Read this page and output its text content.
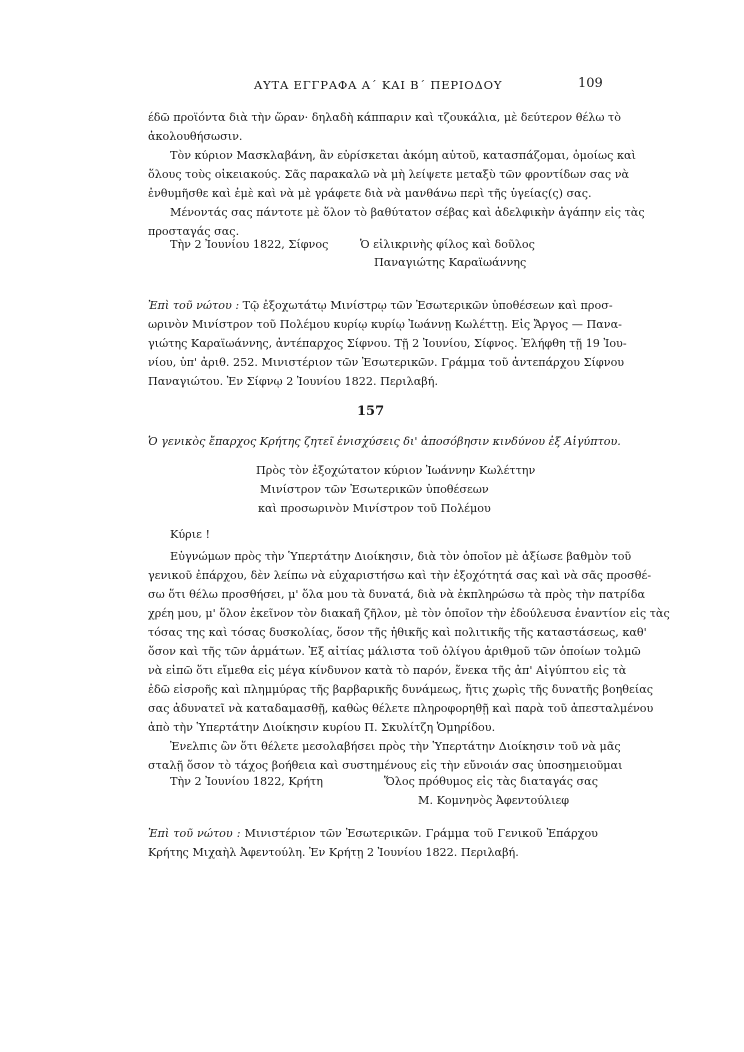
ΑΥΤΑ ΕΓΓΡΑΦΑ Α΄ ΚΑΙ Β΄ ΠΕΡΙΟΔΟΥ	109
έδῶ προϊόντα διὰ τὴν ὥραν· δηλαδὴ κάππαριν καὶ τζουκάλια, μὲ δεύτερον θέλω τὸ
ἀκολουθήσωσιν.
Τὸν κύριον Μασκλαβάνη, ἂν εὑρίσκεται ἀκόμη αὐτοῦ, κατασπάζομαι, ὁμοίως καὶ
ὅλους τοὺς οἰκειακούς. Σᾶς παρακαλῶ νὰ μὴ λείψετε μεταξὺ τῶν φροντίδων σας νὰ
ἐνθυμῆσθε καὶ ἐμὲ καὶ νὰ μὲ γράφετε διὰ νὰ μανθάνω περὶ τῆς ὑγείας(ς) σας.
Μένοντάς σας πάντοτε μὲ ὅλον τὸ βαθύτατον σέβας καὶ ἀδελφικὴν ἀγάπην εἰς τὰς
προσταγάς σας.
Τὴν 2 Ἰουνίου 1822, Σίφνος	Ὁ εἰλικρινὴς φίλος καὶ δοῦλος
Παναγιώτης Καραϊωάννης
Ἐπὶ τοῦ νώτου : Τῷ ἐξοχωτάτῳ Μινίστρῳ τῶν Ἐσωτερικῶν ὑποθέσεων καὶ προσ-
ωρινὸν Μινίστρον τοῦ Πολέμου κυρίῳ κυρίῳ Ἰωάννῃ Κωλέττῃ. Εἰς Ἄργος — Πανα-
γιώτης Καραϊωάννης, ἀντέπαρχος Σίφνου. Τῇ 2 Ἰουνίου, Σίφνος. Ἐλήφθη τῇ 19 Ἰου-
νίου, ὑπ' ἀριθ. 252. Μινιστέριον τῶν Ἐσωτερικῶν. Γράμμα τοῦ ἀντεπάρχου Σίφνου
Παναγιώτου. Ἐν Σίφνῳ 2 Ἰουνίου 1822. Περιλαβή.
157
Ὁ γενικὸς ἔπαρχος Κρήτης ζητεῖ ἐνισχύσεις δι' ἀποσόβησιν κινδύνου ἐξ Αἰγύπτου.
Πρὸς τὸν ἐξοχώτατον κύριον Ἰωάννην Κωλέττην
Μινίστρον τῶν Ἐσωτερικῶν ὑποθέσεων
καὶ προσωρινὸν Μινίστρον τοῦ Πολέμου
Κύριε !
Εὐγνώμων πρὸς τὴν Ὑπερτάτην Διοίκησιν, διὰ τὸν ὁποῖον μὲ ἀξίωσε βαθμὸν τοῦ
γενικοῦ ἐπάρχου, δὲν λείπω νὰ εὐχαριστήσω καὶ τὴν ἐξοχότητά σας καὶ νὰ σᾶς προσθέ-
σω ὅτι θέλω προσθήσει, μ' ὅλα μου τὰ δυνατά, διὰ νὰ ἐκπληρώσω τὰ πρὸς τὴν πατρίδα
χρέη μου, μ' ὅλον ἐκεῖνον τὸν διακαῆ ζῆλον, μὲ τὸν ὁποῖον τὴν ἐδούλευσα ἐναντίον εἰς τὰς
τόσας της καὶ τόσας δυσκολίας, ὅσον τῆς ἠθικῆς καὶ πολιτικῆς τῆς καταστάσεως, καθ'
ὅσον καὶ τῆς τῶν ἁρμάτων. Ἐξ αἰτίας μάλιστα τοῦ ὀλίγου ἀριθμοῦ τῶν ὁποίων τολμῶ
νὰ εἰπῶ ὅτι εἴμεθα εἰς μέγα κίνδυνον κατὰ τὸ παρόν, ἕνεκα τῆς ἀπ' Αἰγύπτου εἰς τὰ
ἐδῶ εἰσροῆς καὶ πλημμύρας τῆς βαρβαρικῆς δυνάμεως, ἥτις χωρὶς τῆς δυνατῆς βοηθείας
σας ἀδυνατεῖ νὰ καταδαμασθῇ, καθὼς θέλετε πληροφορηθῇ καὶ παρὰ τοῦ ἀπεσταλμένου
ἀπὸ τὴν Ὑπερτάτην Διοίκησιν κυρίου Π. Σκυλίτζη Ὁμηρίδου.
Ἐνελπις ὢν ὅτι θέλετε μεσολαβήσει πρὸς τὴν Ὑπερτάτην Διοίκησιν τοῦ νὰ μᾶς
σταλῇ ὅσον τὸ τάχος βοήθεια καὶ συστημένους εἰς τὴν εὔνοιάν σας ὑποσημειοῦμαι
Τὴν 2 Ἰουνίου 1822, Κρήτη	Ὅλος πρόθυμος εἰς τὰς διαταγάς σας
Μ. Κομνηνὸς Ἀφεντούλιεφ
Ἐπὶ τοῦ νώτου : Μινιστέριον τῶν Ἐσωτερικῶν. Γράμμα τοῦ Γενικοῦ Ἐπάρχου
Κρήτης Μιχαὴλ Ἀφεντούλη. Ἐν Κρήτῃ 2 Ἰουνίου 1822. Περιλαβή.
